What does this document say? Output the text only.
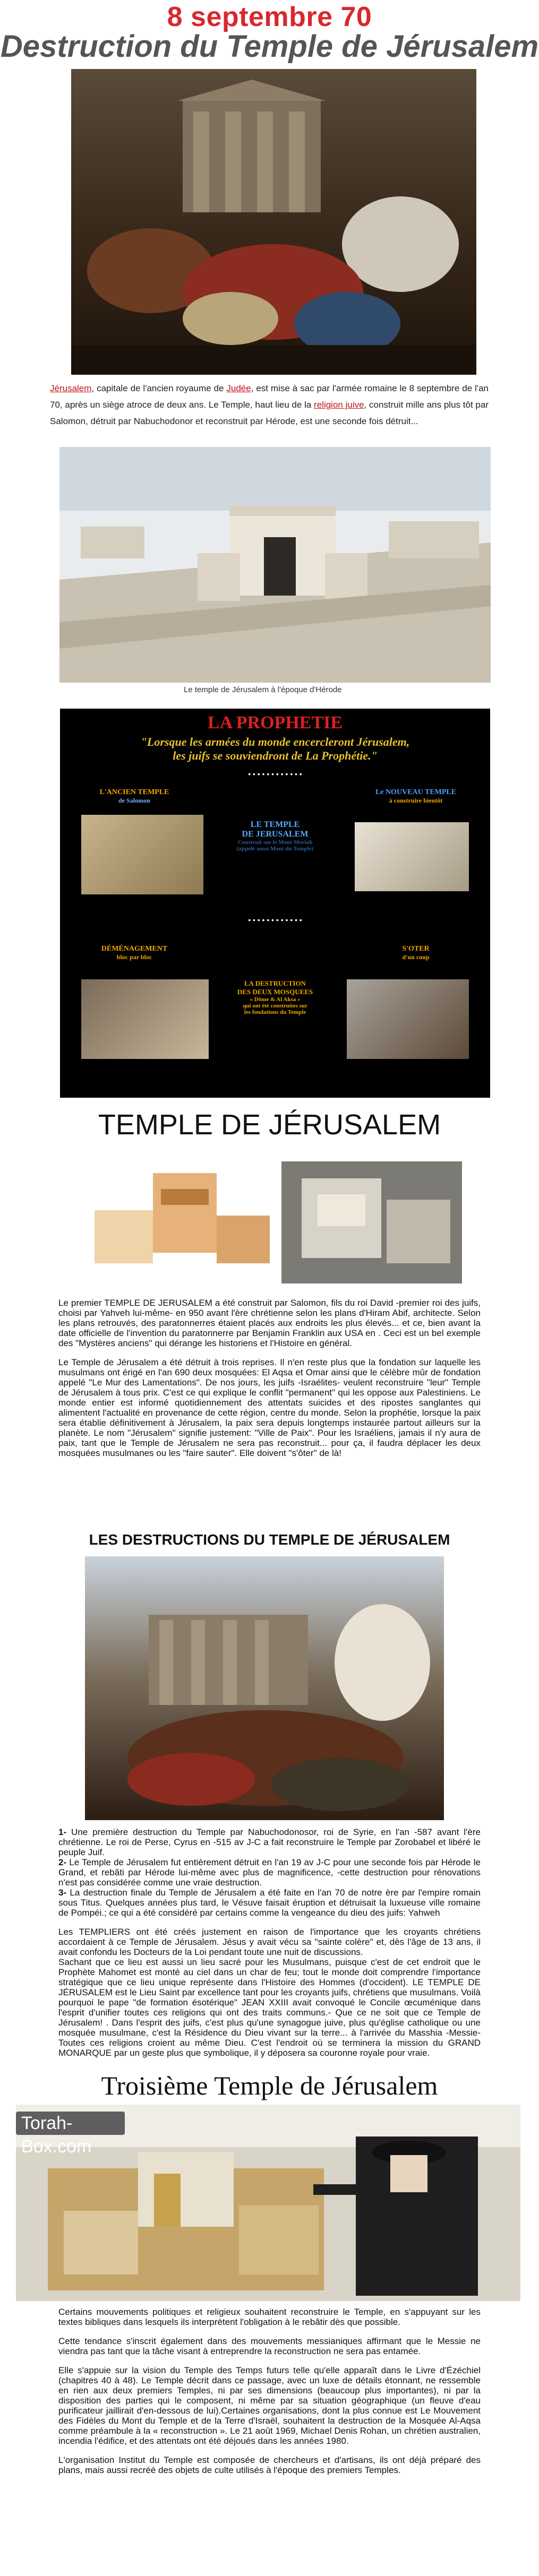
8 septembre 70
Destruction du Temple de Jérusalem
Jérusalem, capitale de l'ancien royaume de Judée, est mise à sac par l'armée romaine le 8 septembre de l'an 70, après un siège atroce de deux ans. Le Temple, haut lieu de la religion juive, construit mille ans plus tôt par Salomon, détruit par Nabuchodonor et reconstruit par Hérode, est une seconde fois détruit...
Le temple de Jérusalem à l'époque d'Hérode
LA PROPHETIE
"Lorsque les armées du monde encercleront Jérusalem,
les juifs se souviendront de La Prophétie."
• • • • • • • • • • • •
L'ANCIEN TEMPLE
de Salomon
Le NOUVEAU TEMPLE
à construire bientôt
LE TEMPLE
DE JERUSALEM
Construit sur le Mont Moriah
(appelé aussi Mont du Temple)
• • • • • • • • • • • •
DÉMÉNAGEMENT
bloc par bloc
S'OTER
d'un coup
LA DESTRUCTION
DES DEUX MOSQUEES
« Dôme & Al Aksa »
qui ont été construites sur
les fondations du Temple
TEMPLE DE JÉRUSALEM

Le premier TEMPLE DE JERUSALEM a été construit par Salomon, fils du roi David -premier roi des juifs, choisi par Yahveh lui-même- en 950 avant l'ère chrétienne selon les plans d'Hiram Abif, architecte. Selon les plans retrouvés, des paratonnerres étaient placés aux endroits les plus élevés... et ce, bien avant la date officielle de l'invention du paratonnerre par Benjamin Franklin aux USA en . Ceci est un bel exemple des "Mystères anciens" qui dérange les historiens et l'Histoire en général.

Le Temple de Jérusalem a été détruit à trois reprises. Il n'en reste plus que la fondation sur laquelle les musulmans ont érigé en l'an 690 deux mosquées: El Aqsa et Omar ainsi que le célèbre mûr de fondation appelé "Le Mur des Lamentations". De nos jours, les juifs -Israélites- veulent reconstruire "leur" Temple de Jérusalem à tous prix. C'est ce qui explique le conflit "permanent" qui les oppose aux Palestiniens. Le monde entier est informé quotidiennement des attentats suicides et des ripostes sanglantes qui alimentent l'actualité en provenance de cette région, centre du monde. Selon la prophétie, lorsque la paix sera établie définitivement à Jérusalem, la paix sera depuis longtemps instaurée partout ailleurs sur la planète. Le nom "Jérusalem" signifie justement: "Ville de Paix". Pour les Israéliens, jamais il n'y aura de paix, tant que le Temple de Jérusalem ne sera pas reconstruit... pour ça, il faudra déplacer les deux mosquées musulmanes ou les "faire sauter". Elle doivent "s'ôter" de là!

LES DESTRUCTIONS DU TEMPLE DE JÉRUSALEM
1- Une première destruction du Temple par Nabuchodonosor, roi de Syrie, en l'an -587 avant l'ère chrétienne. Le roi de Perse, Cyrus en -515 av J-C a fait reconstruire le Temple par Zorobabel et libéré le peuple Juif.
2- Le Temple de Jérusalem fut entièrement détruit en l'an 19 av J-C pour une seconde fois par Hérode le Grand, et rebâti par Hérode lui-même avec plus de magnificence, -cette destruction pour rénovations n'est pas considérée comme une vraie destruction.
3- La destruction finale du Temple de Jérusalem a été faite en l'an 70 de notre ère par l'empire romain sous Titus. Quelques années plus tard, le Vésuve faisait éruption et détruisait la luxueuse ville romaine de Pompéi.; ce qui a été considéré par certains comme la vengeance du dieu des juifs: Yahweh
Les TEMPLIERS ont été créés justement en raison de l'importance que les croyants chrétiens accordaient à ce Temple de Jérusalem. Jésus y avait vécu sa "sainte colère" et, dès l'âge de 13 ans, il avait confondu les Docteurs de la Loi pendant toute une nuit de discussions.
Sachant que ce lieu est aussi un lieu sacré pour les Musulmans, puisque c'est de cet endroit que le Prophète Mahomet est monté au ciel dans un char de feu; tout le monde doit comprendre l'importance stratégique que ce lieu unique représente dans l'Histoire des Hommes (d'occident). LE TEMPLE DE JÉRUSALEM est le Lieu Saint par excellence tant pour les croyants juifs, chrétiens que musulmans. Voilà pourquoi le pape "de formation ésotérique" JEAN XXIII avait convoqué le Concile œcuménique dans l'esprit d'unifier toutes ces religions qui ont des traits communs.- Que ce ne soit que ce Temple de Jérusalem! . Dans l'esprit des juifs, c'est plus qu'une synagogue juive, plus qu'église catholique ou une mosquée musulmane, c'est la Résidence du Dieu vivant sur la terre... à l'arrivée du Masshia -Messie- Toutes ces religions croient au même Dieu. C'est l'endroit où se terminera la mission du GRAND MONARQUE par un geste plus que symbolique, il y déposera sa couronne royale pour vraie.
Troisième Temple de Jérusalem
Torah-Box.com

Certains mouvements politiques et religieux souhaitent reconstruire le Temple, en s'appuyant sur les textes bibliques dans lesquels ils interprètent l'obligation à le rebâtir dès que possible.

Cette tendance s'inscrit également dans des mouvements messianiques affirmant que le Messie ne viendra pas tant que la tâche visant à entreprendre la reconstruction ne sera pas entamée.

Elle s'appuie sur la vision du Temple des Temps futurs telle qu'elle apparaît dans le Livre d'Ézéchiel (chapitres 40 à 48). Le Temple décrit dans ce passage, avec un luxe de détails étonnant, ne ressemble en rien aux deux premiers Temples, ni par ses dimensions (beaucoup plus importantes), ni par la disposition des parties qui le composent, ni même par sa situation géographique (un fleuve d'eau purificateur jaillirait d'en-dessous de lui).Certaines organisations, dont la plus connue est Le Mouvement des Fidèles du Mont du Temple et de la Terre d'Israël, souhaitent la destruction de la Mosquée Al-Aqsa comme préambule à la « reconstruction ». Le 21 août 1969, Michael Denis Rohan, un chrétien australien, incendia l'édifice, et des attentats ont été déjoués dans les années 1980.

L'organisation Institut du Temple est composée de chercheurs et d'artisans, ils ont déjà préparé des plans, mais aussi recréé des objets de culte utilisés à l'époque des premiers Temples.
